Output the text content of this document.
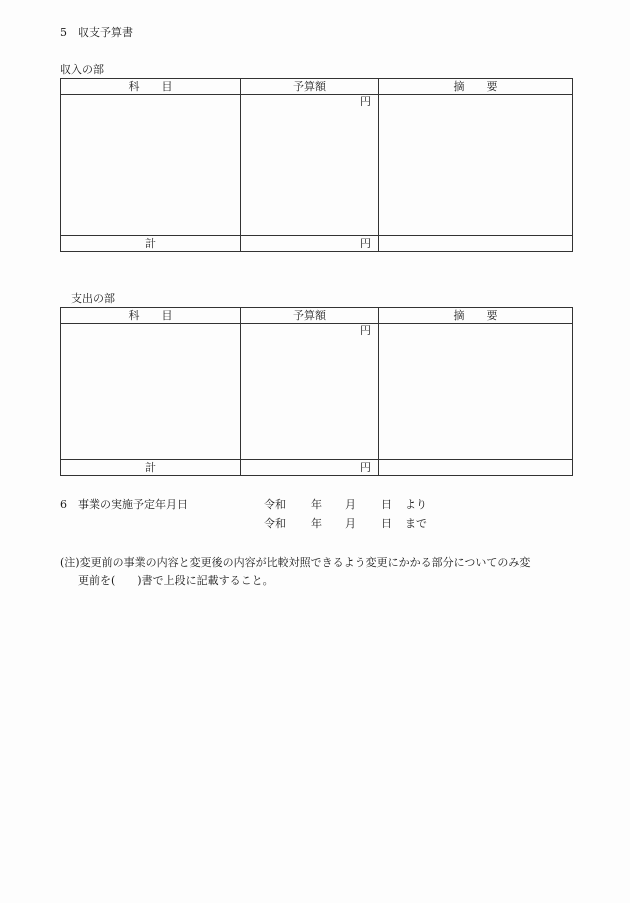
5 収支予算書
収入の部
科　　目	予算額	摘　　要
	円	
計	円	
支出の部
科　　目	予算額	摘　　要
	円	
計	円	
6 事業の実施予定年月日	令和 年 月 日 より
令和 年 月 日 まで
(注)変更前の事業の内容と変更後の内容が比較対照できるよう変更にかかる部分についてのみ変
更前を(　　)書で上段に記載すること。
